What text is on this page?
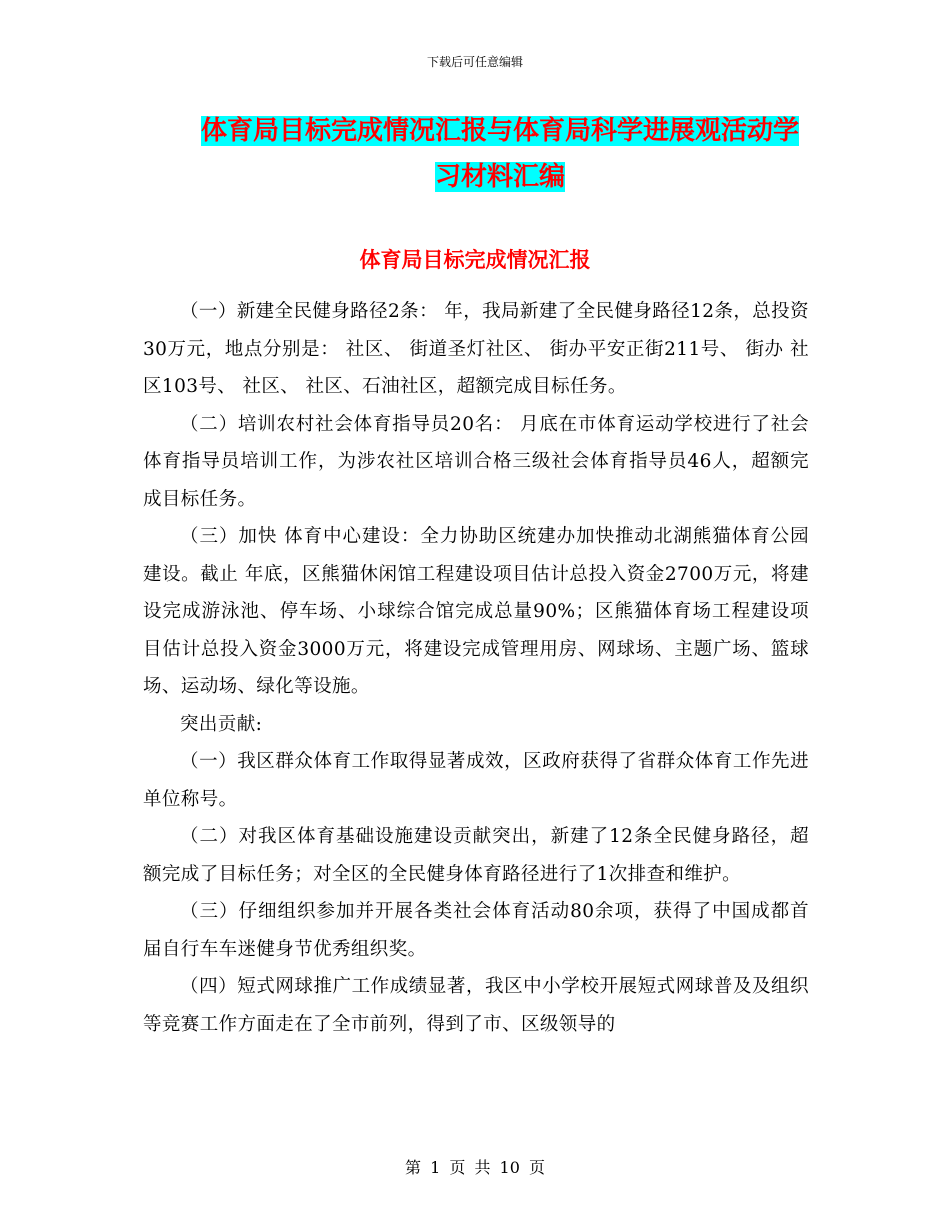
下载后可任意编辑
体育局目标完成情况汇报与体育局科学进展观活动学
习材料汇编
体育局目标完成情况汇报

（一）新建全民健身路径2条： 年，我局新建了全民健身路径12条，总投资30万元，地点分别是： 社区、 街道圣灯社区、 街办平安正街211号、 街办 社区103号、 社区、 社区、石油社区，超额完成目标任务。

（二）培训农村社会体育指导员20名： 月底在市体育运动学校进行了社会体育指导员培训工作，为涉农社区培训合格三级社会体育指导员46人，超额完成目标任务。

（三）加快 体育中心建设：全力协助区统建办加快推动北湖熊猫体育公园建设。截止 年底，区熊猫休闲馆工程建设项目估计总投入资金2700万元，将建设完成游泳池、停车场、小球综合馆完成总量90%；区熊猫体育场工程建设项目估计总投入资金3000万元，将建设完成管理用房、网球场、主题广场、篮球场、运动场、绿化等设施。

突出贡献:

（一）我区群众体育工作取得显著成效，区政府获得了省群众体育工作先进单位称号。

（二）对我区体育基础设施建设贡献突出，新建了12条全民健身路径，超额完成了目标任务；对全区的全民健身体育路径进行了1次排查和维护。

（三）仔细组织参加并开展各类社会体育活动80余项，获得了中国成都首届自行车车迷健身节优秀组织奖。

（四）短式网球推广工作成绩显著，我区中小学校开展短式网球普及及组织等竞赛工作方面走在了全市前列，得到了市、区级领导的

第 1 页 共 10 页
